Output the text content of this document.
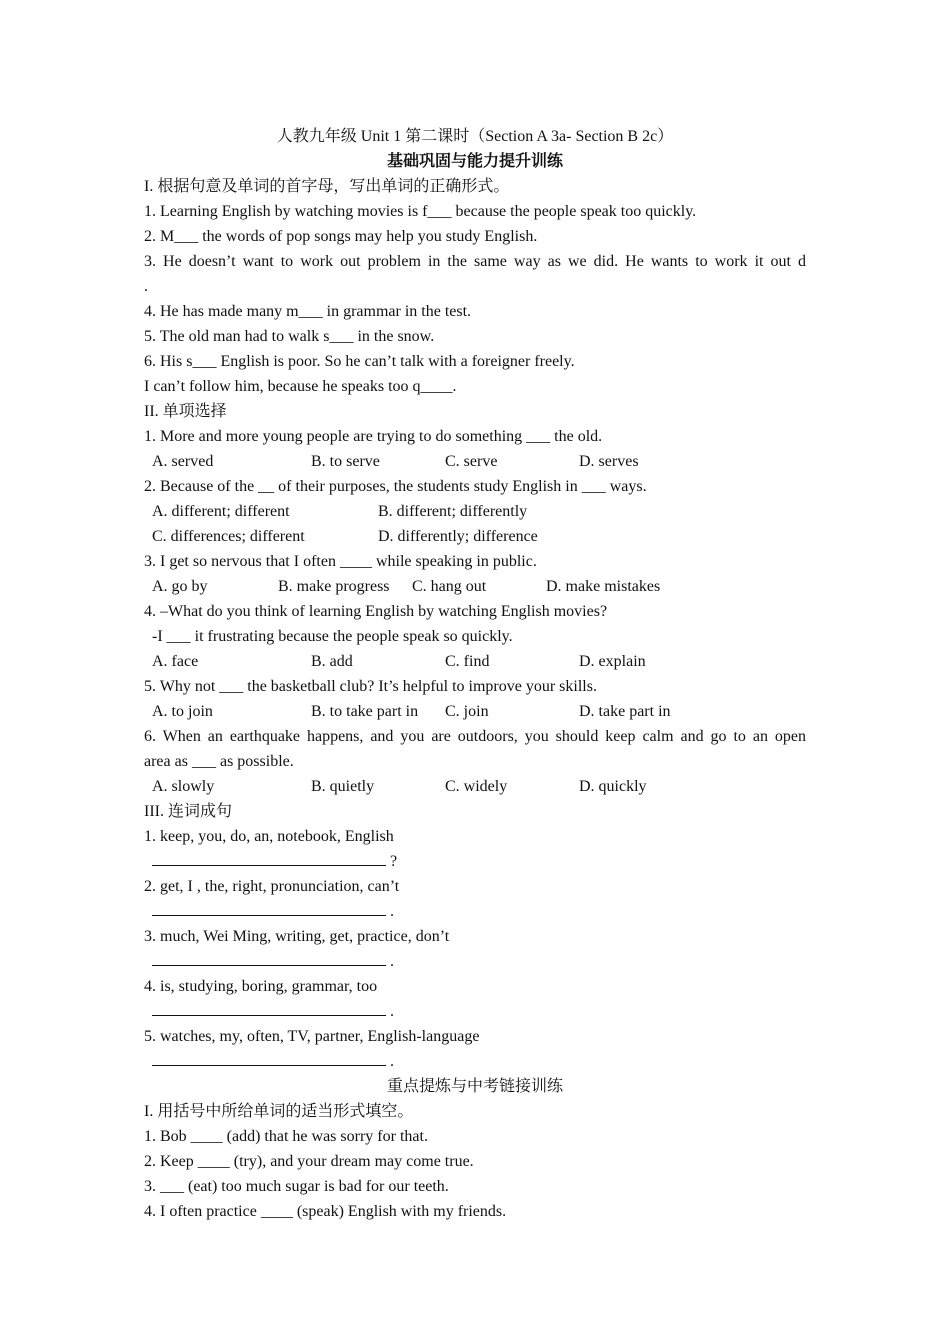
人教九年级 Unit 1 第二课时（Section A 3a- Section B 2c）
基础巩固与能力提升训练
I. 根据句意及单词的首字母，写出单词的正确形式。
1. Learning English by watching movies is f___ because the people speak too quickly.
2. M___ the words of pop songs may help you study English.
3. He doesn’t want to work out problem in the same way as we did. He wants to work it out d
.
4. He has made many m___ in grammar in the test.
5. The old man had to walk s___ in the snow.
6. His s___ English is poor. So he can’t talk with a foreigner freely.
I can’t follow him, because he speaks too q____.
II. 单项选择
1. More and more young people are trying to do something ___ the old.
A. served	B. to serve	C. serve	D. serves
2. Because of the __ of their purposes, the students study English in ___ ways.
A. different; different	B. different; differently
C. differences; different	D. differently; difference
3. I get so nervous that I often ____ while speaking in public.
A. go by	B. make progress C. hang out	D. make mistakes
4. –What do you think of learning English by watching English movies?
-I ___ it frustrating because the people speak so quickly.
A. face	B. add	C. find	D. explain
5. Why not ___ the basketball club? It’s helpful to improve your skills.
A. to join	B. to take part in C. join	D. take part in
6. When an earthquake happens, and you are outdoors, you should keep calm and go to an open
area as ___ as possible.
A. slowly	B. quietly	C. widely	D. quickly
III. 连词成句
1. keep, you, do, an, notebook, English
?
2. get, I , the, right, pronunciation, can’t
.
3. much, Wei Ming, writing, get, practice, don’t
.
4. is, studying, boring, grammar, too
.
5. watches, my, often, TV, partner, English-language
.
重点提炼与中考链接训练
I. 用括号中所给单词的适当形式填空。
1. Bob ____ (add) that he was sorry for that.
2. Keep ____ (try), and your dream may come true.
3. ___ (eat) too much sugar is bad for our teeth.
4. I often practice ____ (speak) English with my friends.
